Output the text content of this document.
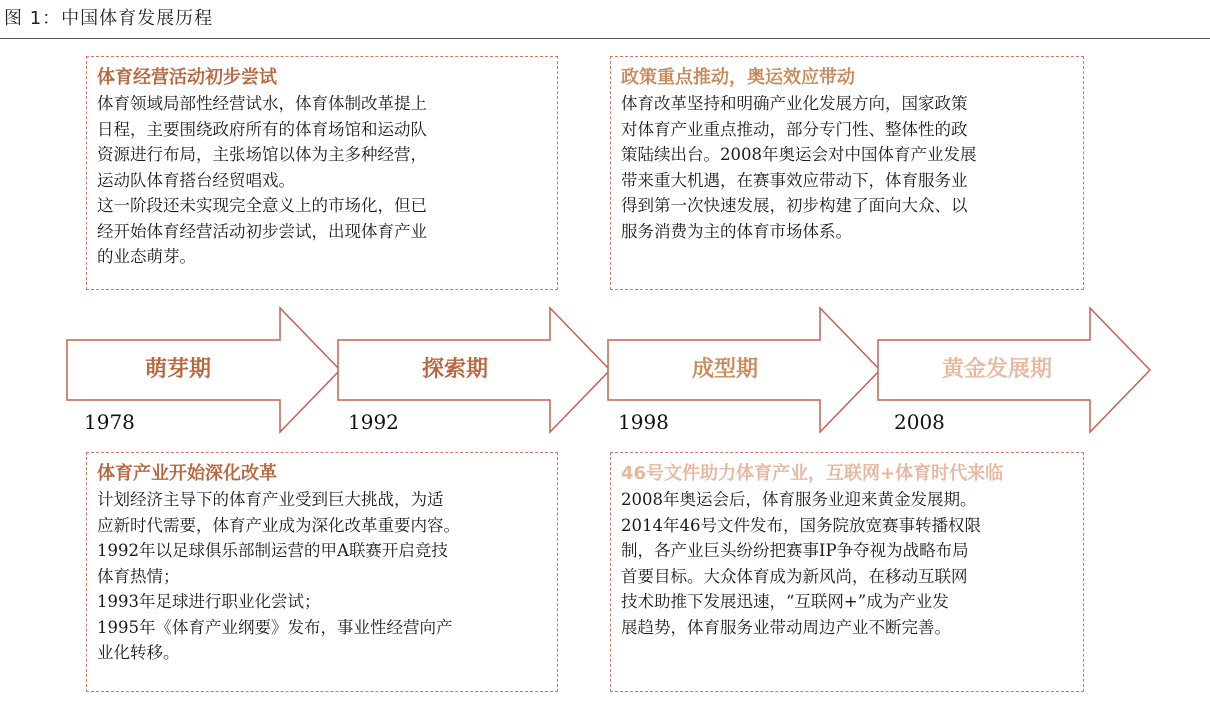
图 1：中国体育发展历程
体育经营活动初步尝试

体育领域局部性经营试水，体育体制改革提上
日程，主要围绕政府所有的体育场馆和运动队
资源进行布局，主张场馆以体为主多种经营，
运动队体育搭台经贸唱戏。
这一阶段还未实现完全意义上的市场化，但已
经开始体育经营活动初步尝试，出现体育产业
的业态萌芽。

政策重点推动，奥运效应带动

体育改革坚持和明确产业化发展方向，国家政策
对体育产业重点推动，部分专门性、整体性的政
策陆续出台。2008年奥运会对中国体育产业发展
带来重大机遇，在赛事效应带动下，体育服务业
得到第一次快速发展，初步构建了面向大众、以
服务消费为主的体育市场体系。

萌芽期	探索期	成型期	黄金发展期
1978	1992	1998	2008
体育产业开始深化改革

计划经济主导下的体育产业受到巨大挑战，为适
应新时代需要，体育产业成为深化改革重要内容。
1992年以足球俱乐部制运营的甲A联赛开启竞技
体育热情；
1993年足球进行职业化尝试；
1995年《体育产业纲要》发布，事业性经营向产
业化转移。

46号文件助力体育产业，互联网+体育时代来临

2008年奥运会后，体育服务业迎来黄金发展期。
2014年46号文件发布，国务院放宽赛事转播权限
制，各产业巨头纷纷把赛事IP争夺视为战略布局
首要目标。大众体育成为新风尚，在移动互联网
技术助推下发展迅速，“互联网+”成为产业发
展趋势，体育服务业带动周边产业不断完善。
